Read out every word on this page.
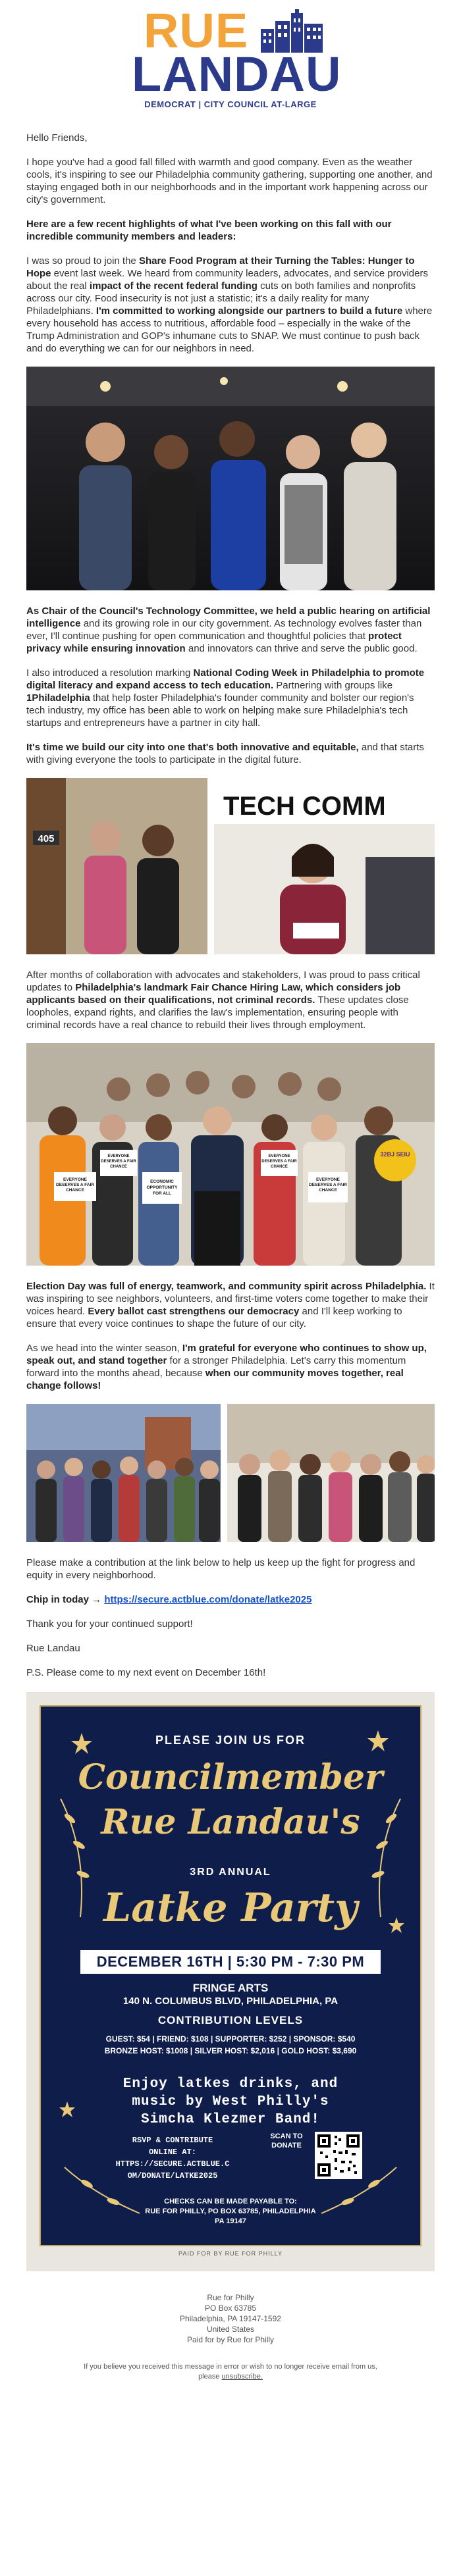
RUE
LANDAU
DEMOCRAT | CITY COUNCIL AT-LARGE

Hello Friends,

I hope you've had a good fall filled with warmth and good company. Even as the weather cools, it's inspiring to see our Philadelphia community gathering, supporting one another, and staying engaged both in our neighborhoods and in the important work happening across our city's government.

Here are a few recent highlights of what I've been working on this fall with our incredible community members and leaders:

I was so proud to join the Share Food Program at their Turning the Tables: Hunger to Hope event last week. We heard from community leaders, advocates, and service providers about the real impact of the recent federal funding cuts on both families and nonprofits across our city. Food insecurity is not just a statistic; it's a daily reality for many Philadelphians. I'm committed to working alongside our partners to build a future where every household has access to nutritious, affordable food – especially in the wake of the Trump Administration and GOP's inhumane cuts to SNAP. We must continue to push back and do everything we can for our neighbors in need.

As Chair of the Council's Technology Committee, we held a public hearing on artificial intelligence and its growing role in our city government. As technology evolves faster than ever, I'll continue pushing for open communication and thoughtful policies that protect privacy while ensuring innovation and innovators can thrive and serve the public good.

I also introduced a resolution marking National Coding Week in Philadelphia to promote digital literacy and expand access to tech education. Partnering with groups like 1Philadelphia that help foster Philadelphia's founder community and bolster our region's tech industry, my office has been able to work on helping make sure Philadelphia's tech startups and entrepreneurs have a partner in city hall.

It's time we build our city into one that's both innovative and equitable, and that starts with giving everyone the tools to participate in the digital future.

405
TECH COMM

After months of collaboration with advocates and stakeholders, I was proud to pass critical updates to Philadelphia's landmark Fair Chance Hiring Law, which considers job applicants based on their qualifications, not criminal records. These updates close loopholes, expand rights, and clarifies the law's implementation, ensuring people with criminal records have a real chance to rebuild their lives through employment.

EVERYONE DESERVES A FAIR CHANCE
EVERYONE DESERVES A FAIR CHANCE
ECONOMIC OPPORTUNITY FOR ALL
EVERYONE DESERVES A FAIR CHANCE
EVERYONE DESERVES A FAIR CHANCE
32BJ SEIU

Election Day was full of energy, teamwork, and community spirit across Philadelphia. It was inspiring to see neighbors, volunteers, and first-time voters come together to make their voices heard. Every ballot cast strengthens our democracy and I'll keep working to ensure that every voice continues to shape the future of our city.

As we head into the winter season, I'm grateful for everyone who continues to show up, speak out, and stand together for a stronger Philadelphia. Let's carry this momentum forward into the months ahead, because when our community moves together, real change follows!

Please make a contribution at the link below to help us keep up the fight for progress and equity in every neighborhood.

Chip in today → https://secure.actblue.com/donate/latke2025

Thank you for your continued support!

Rue Landau

P.S. Please come to my next event on December 16th!

PLEASE JOIN US FOR
Councilmember
Rue Landau's
3RD ANNUAL
Latke Party
DECEMBER 16TH | 5:30 PM - 7:30 PM
FRINGE ARTS
140 N. COLUMBUS BLVD, PHILADELPHIA, PA
CONTRIBUTION LEVELS
GUEST: $54 | FRIEND: $108 | SUPPORTER: $252 | SPONSOR: $540
BRONZE HOST: $1008 | SILVER HOST: $2,016 | GOLD HOST: $3,690
Enjoy latkes drinks, and
music by West Philly's
Simcha Klezmer Band!
RSVP & CONTRIBUTE
ONLINE AT:
HTTPS://SECURE.ACTBLUE.C
OM/DONATE/LATKE2025
SCAN TO
DONATE
CHECKS CAN BE MADE PAYABLE TO:
RUE FOR PHILLY, PO BOX 63785, PHILADELPHIA
PA 19147
PAID FOR BY RUE FOR PHILLY
Rue for Philly
PO Box 63785
Philadelphia, PA 19147-1592
United States
Paid for by Rue for Philly
If you believe you received this message in error or wish to no longer receive email from us, please unsubscribe.
